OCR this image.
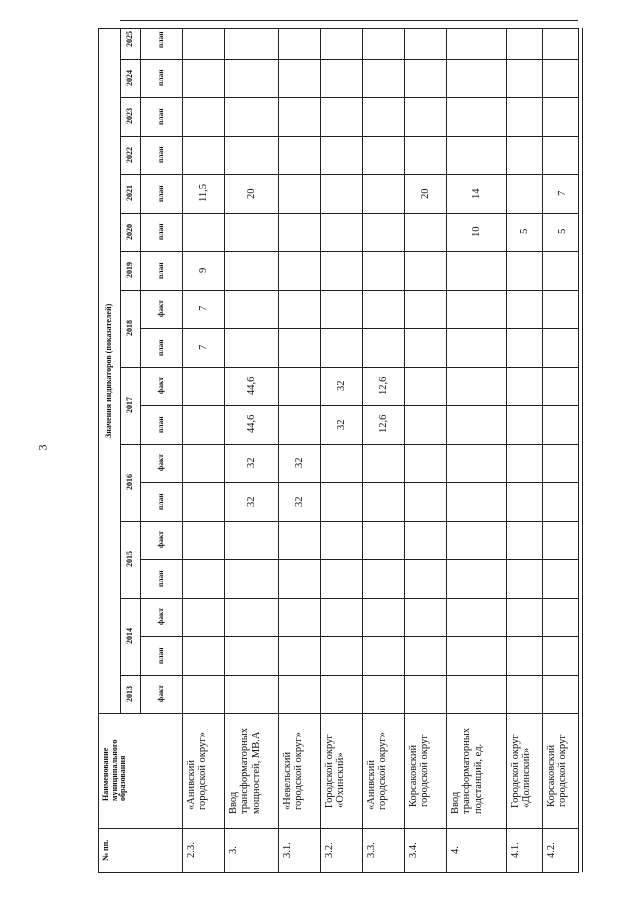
3
№ пп.
Наименование
муниципального
образования
Значения индикаторов (показателей)
2013
2014
2015
2016
2017
2018
2019
2020
2021
2022
2023
2024
2025
факт
план
факт
план
факт
план
факт
план
факт
план
факт
план
план
план
план
план
план
план
2.3.
«Анивский
городской округ»
7
7
9
11,5
3.
Ввод
трансформаторных
мощностей, МВ.А
32
32
44,6
44,6
20
3.1.
«Невельский
городской округ»
32
32
3.2.
Городской округ
«Охинский»
32
32
3.3.
«Анивский
городской округ»
12,6
12,6
3.4.
Корсаковский
городской округ
20
4.
Ввод
трансформаторных
подстанций, ед.
10
14
4.1.
Городской округ
«Долинский»
5
4.2.
Корсаковский
городской округ
5
7
